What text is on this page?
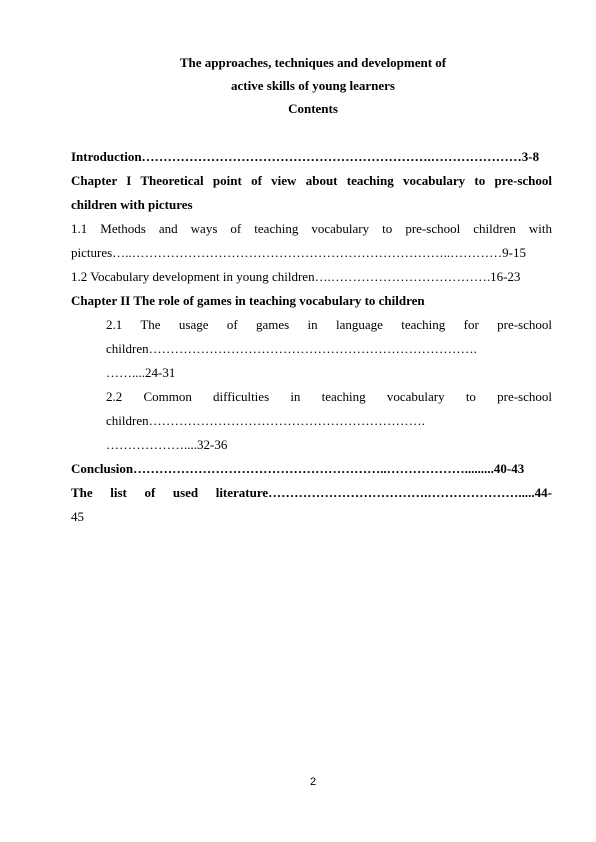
The approaches, techniques and development of
active skills of young learners
Contents
Introduction………………………………………………………….…………………3-8
Chapter I Theoretical point of view about teaching vocabulary to pre-school
children with pictures
1.1 Methods and ways of teaching vocabulary to pre-school children with
pictures…..………………………………………………………………..…………9-15
1.2 Vocabulary development in young children….……………………………….16-23
Chapter II The role of games in teaching vocabulary to children
2.1 The usage of games in language teaching for pre-school
children………………………………………………………………….
……....24-31
2.2 Common difficulties in teaching vocabulary to pre-school
children……………………………………………………….
………………....32-36
Conclusion…………………………………………………..……………….........40-43
The list of used literature……………………………….………………….....44-
45
2
